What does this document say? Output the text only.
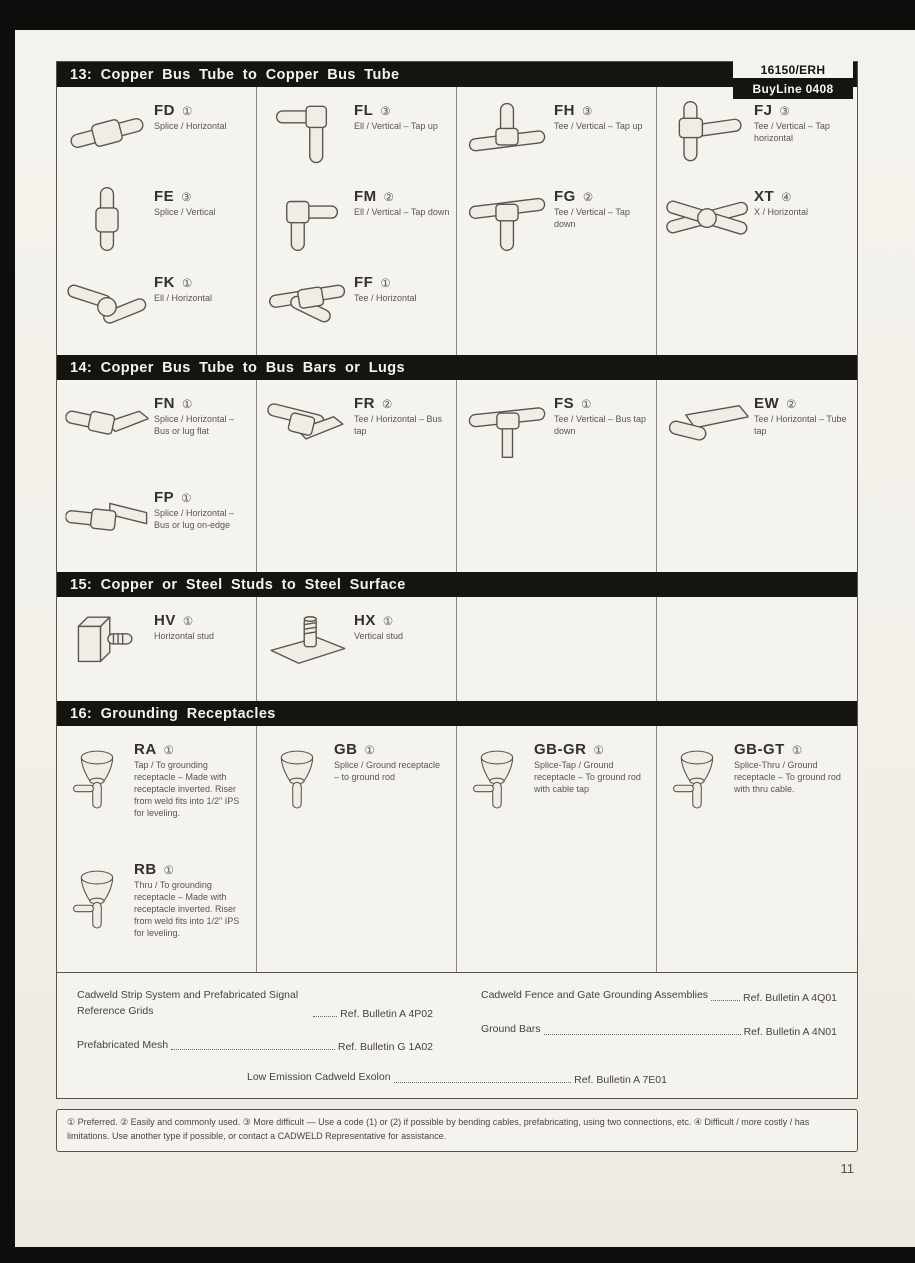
13: Copper Bus Tube to Copper Bus Tube	16150/ERH
BuyLine 0408
FD ①
Splice / Horizontal
FE ③
Splice / Vertical
FK ①
Ell / Horizontal
FL ③
Ell / Vertical – Tap up
FM ②
Ell / Vertical – Tap down
FF ①
Tee / Horizontal
FH ③
Tee / Vertical – Tap up
FG ②
Tee / Vertical – Tap down
FJ ③
Tee / Vertical – Tap horizontal
XT ④
X / Horizontal
14: Copper Bus Tube to Bus Bars or Lugs
FN ①
Splice / Horizontal – Bus or lug flat
FP ①
Splice / Horizontal – Bus or lug on-edge
FR ②
Tee / Horizontal – Bus tap
FS ①
Tee / Vertical – Bus tap down
EW ②
Tee / Horizontal – Tube tap
15: Copper or Steel Studs to Steel Surface
HV ①
Horizontal stud
HX ①
Vertical stud
16: Grounding Receptacles
RA ①
Tap / To grounding receptacle – Made with receptacle inverted. Riser from weld fits into 1/2" IPS for leveling.
RB ①
Thru / To grounding receptacle – Made with receptacle inverted. Riser from weld fits into 1/2" IPS for leveling.
GB ①
Splice / Ground receptacle – to ground rod
GB-GR ①
Splice-Tap / Ground receptacle – To ground rod with cable tap
GB-GT ①
Splice-Thru / Ground receptacle – To ground rod with thru cable.
Cadweld Strip System and Prefabricated Signal Reference Grids	Ref. Bulletin A 4P02
Prefabricated Mesh	Ref. Bulletin G 1A02
Cadweld Fence and Gate Grounding Assemblies	Ref. Bulletin A 4Q01
Ground Bars	Ref. Bulletin A 4N01
Low Emission Cadweld Exolon	Ref. Bulletin A 7E01
① Preferred. ② Easily and commonly used. ③ More difficult — Use a code (1) or (2) if possible by bending cables, prefabricating, using two connections, etc. ④ Difficult / more costly / has limitations. Use another type if possible, or contact a CADWELD Representative for assistance.
11
